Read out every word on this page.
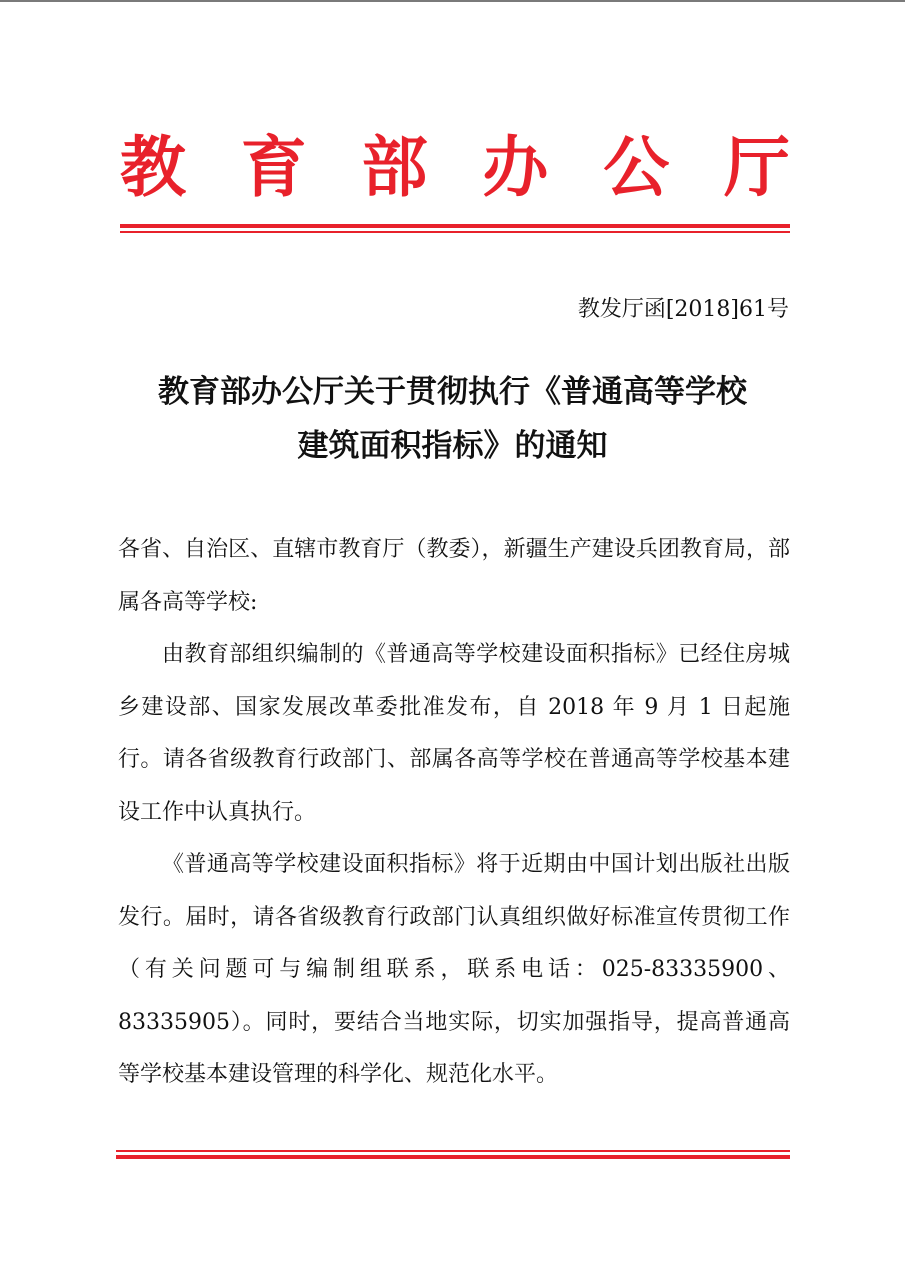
教 育 部 办 公 厅
教发厅函[2018]61号
教育部办公厅关于贯彻执行《普通高等学校
建筑面积指标》的通知

各省、自治区、直辖市教育厅（教委），新疆生产建设兵团教育局，部属各高等学校:

由教育部组织编制的《普通高等学校建设面积指标》已经住房城乡建设部、国家发展改革委批准发布，自 2018 年 9 月 1 日起施行。请各省级教育行政部门、部属各高等学校在普通高等学校基本建设工作中认真执行。

《普通高等学校建设面积指标》将于近期由中国计划出版社出版发行。届时，请各省级教育行政部门认真组织做好标准宣传贯彻工作（有关问题可与编制组联系，联系电话：025-83335900、83335905）。同时，要结合当地实际，切实加强指导，提高普通高等学校基本建设管理的科学化、规范化水平。
